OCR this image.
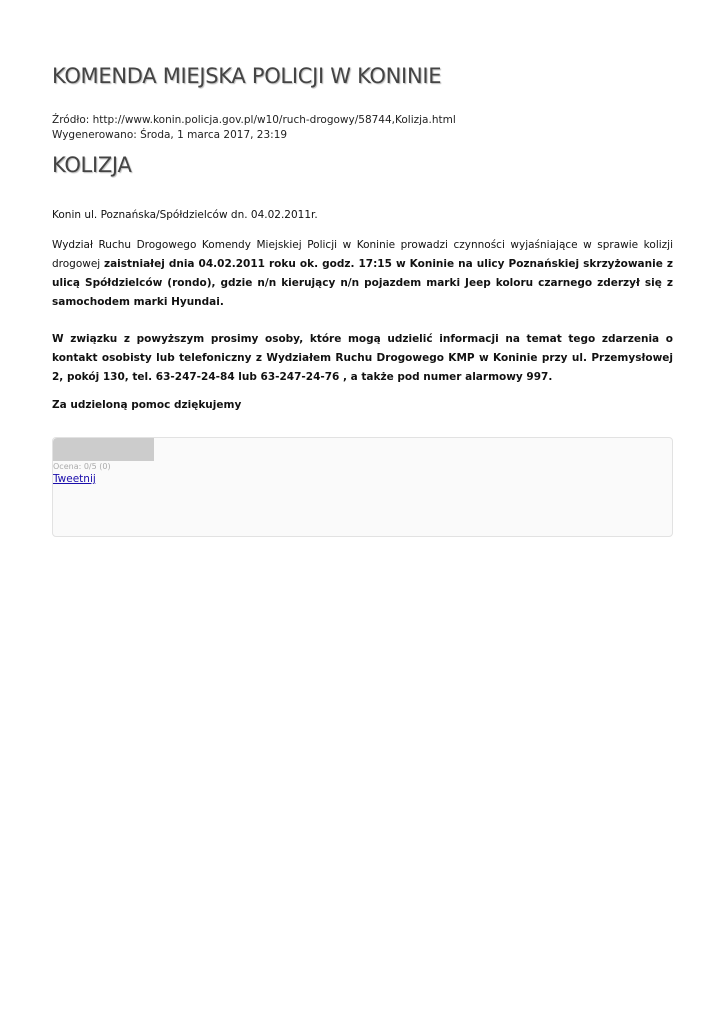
KOMENDA MIEJSKA POLICJI W KONINIE
Źródło: http://www.konin.policja.gov.pl/w10/ruch-drogowy/58744,Kolizja.html
Wygenerowano: Środa, 1 marca 2017, 23:19
KOLIZJA

Konin ul. Poznańska/Spółdzielców dn. 04.02.2011r.

Wydział Ruchu Drogowego Komendy Miejskiej Policji w Koninie prowadzi czynności wyjaśniające w sprawie kolizji drogowej zaistniałej dnia 04.02.2011 roku ok. godz. 17:15 w Koninie na ulicy Poznańskiej skrzyżowanie z ulicą Spółdzielców (rondo), gdzie n/n kierujący n/n pojazdem marki Jeep koloru czarnego zderzył się z samochodem marki Hyundai.

W związku z powyższym prosimy osoby, które mogą udzielić informacji na temat tego zdarzenia o kontakt osobisty lub telefoniczny z Wydziałem Ruchu Drogowego KMP w Koninie przy ul. Przemysłowej 2, pokój 130, tel. 63-247-24-84 lub 63-247-24-76 , a także pod numer alarmowy 997.

Za udzieloną pomoc dziękujemy

Ocena: 0/5 (0)
Tweetnij
